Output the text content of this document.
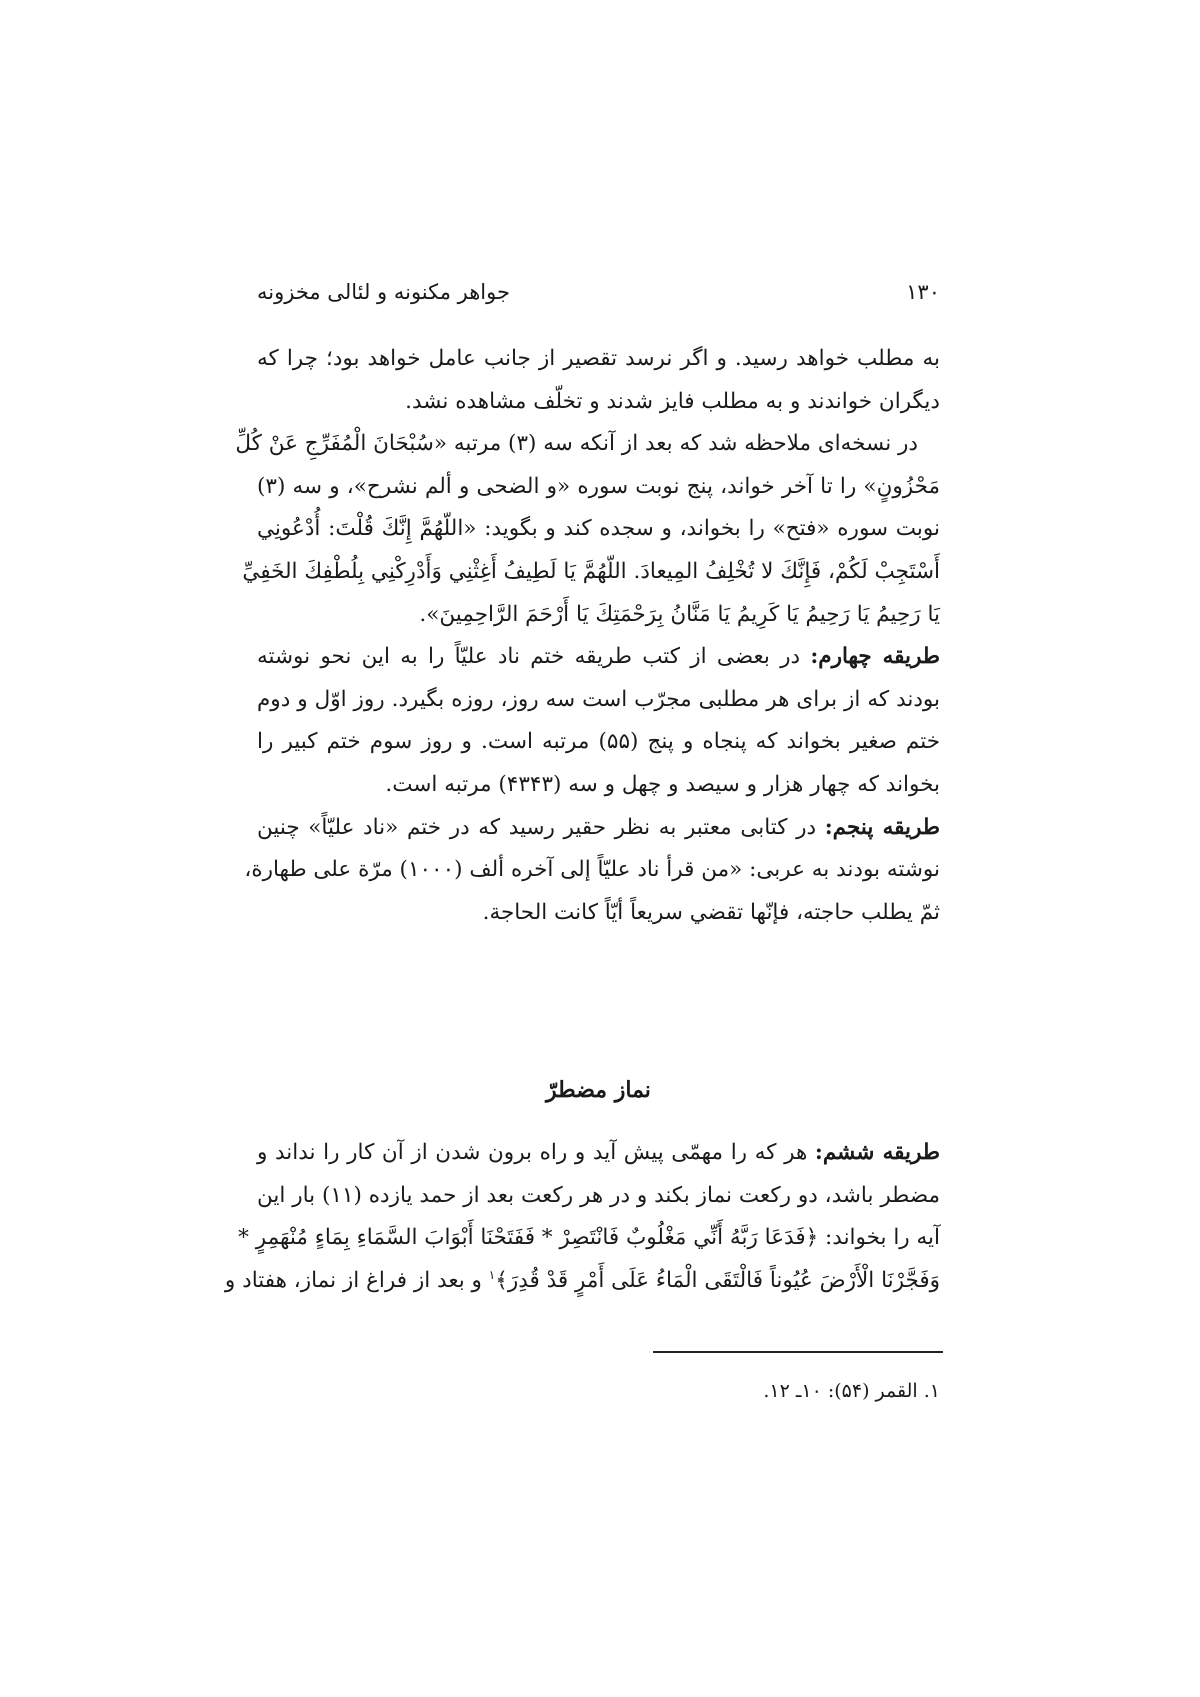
جواهر مکنونه و لئالی مخزونه	۱۳۰
به مطلب خواهد رسید. و اگر نرسد تقصیر از جانب عامل خواهد بود؛ چرا که
دیگران خواندند و به مطلب فایز شدند و تخلّف مشاهده نشد.
در نسخه‌ای ملاحظه شد که بعد از آنکه سه (۳) مرتبه «سُبْحَانَ الْمُفَرِّجِ عَنْ كُلِّ
مَحْزُونٍ» را تا آخر خواند، پنج نوبت سوره «و الضحی و ألم نشرح»، و سه (۳)
نوبت سوره «فتح» را بخواند، و سجده کند و بگوید: «اللّهُمَّ إِنَّكَ قُلْتَ: أُدْعُونِي
أَسْتَجِبْ لَكُمْ، فَإِنَّكَ لا تُخْلِفُ المِيعادَ. اللّهُمَّ يَا لَطِيفُ أَغِثْنِي وَأَدْرِكْنِي بِلُطْفِكَ الخَفِيِّ
يَا رَحِيمُ يَا رَحِيمُ يَا كَرِيمُ يَا مَنَّانُ بِرَحْمَتِكَ يَا أَرْحَمَ الرَّاحِمِينَ».
طریقه چهارم: در بعضی از کتب طریقه ختم ناد علیّاً را به این نحو نوشته
بودند که از برای هر مطلبی مجرّب است سه روز، روزه بگیرد. روز اوّل و دوم
ختم صغیر بخواند که پنجاه و پنج (۵۵) مرتبه است. و روز سوم ختم کبیر را
بخواند که چهار هزار و سیصد و چهل و سه (۴۳۴۳) مرتبه است.
طریقه پنجم: در کتابی معتبر به نظر حقیر رسید که در ختم «ناد علیّاً» چنین
نوشته بودند به عربی: «من قرأ ناد علیّاً إلی آخره ألف (۱۰۰۰) مرّة علی طهارة،
ثمّ يطلب حاجته، فإنّها تقضي سريعاً أيّاً كانت الحاجة.
نماز مضطرّ
طریقه ششم: هر که را مهمّی پیش آید و راه برون شدن از آن کار را نداند و
مضطر باشد، دو رکعت نماز بکند و در هر رکعت بعد از حمد یازده (۱۱) بار این
آیه را بخواند: ﴿فَدَعَا رَبَّهُ أَنِّي مَغْلُوبٌ فَانْتَصِرْ * فَفَتَحْنَا أَبْوَابَ السَّمَاءِ بِمَاءٍ مُنْهَمِرٍ *
وَفَجَّرْنَا الْأَرْضَ عُيُوناً فَالْتَقَى الْمَاءُ عَلَى أَمْرٍ قَدْ قُدِرَ﴾$^۱$ و بعد از فراغ از نماز، هفتاد و
۱. القمر (۵۴): ۱۰ـ ۱۲.
